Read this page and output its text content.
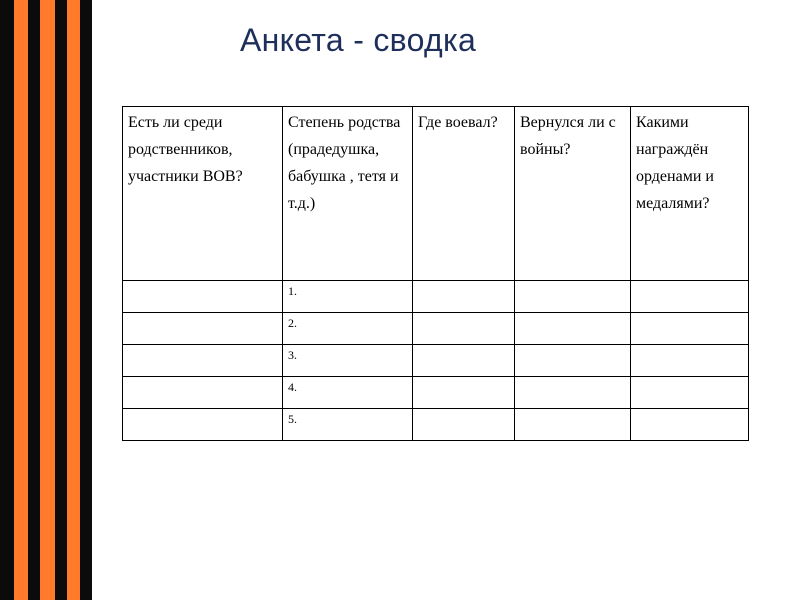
Анкета - сводка
Есть ли среди родственников, участники ВОВ?	Степень родства (прадедушка, бабушка , тетя и т.д.)	Где воевал?	Вернулся ли с войны?	Какими награждён орденами и медалями?
	1.			
	2.			
	3.			
	4.			
	5.			
